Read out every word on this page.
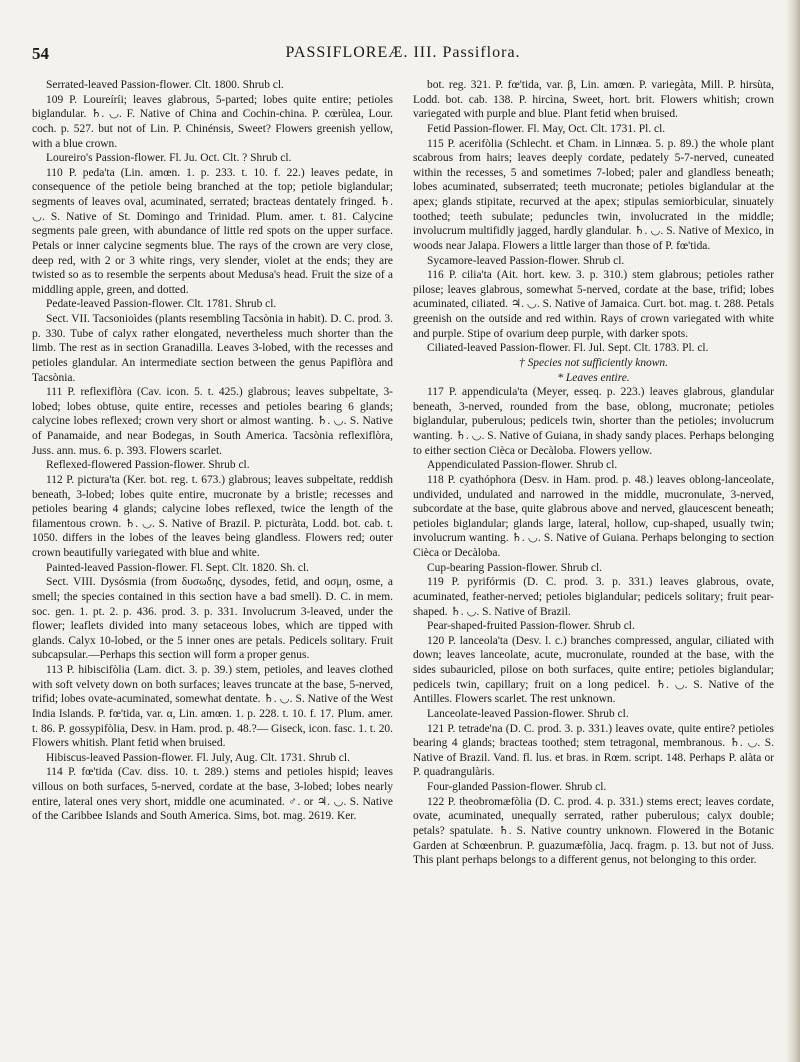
54	PASSIFLOREÆ. III. Passiflora.

Serrated-leaved Passion-flower. Clt. 1800. Shrub cl.

109 P. Loureíríi; leaves glabrous, 5-parted; lobes quite entire; petioles biglandular. ♄. ◡. F. Native of China and Cochin-china. P. cœrùlea, Lour. coch. p. 527. but not of Lin. P. Chinénsis, Sweet? Flowers greenish yellow, with a blue crown.

Loureiro's Passion-flower. Fl. Ju. Oct. Clt. ? Shrub cl.

110 P. peda'ta (Lin. amœn. 1. p. 233. t. 10. f. 22.) leaves pedate, in consequence of the petiole being branched at the top; petiole biglandular; segments of leaves oval, acuminated, serrated; bracteas dentately fringed. ♄. ◡. S. Native of St. Domingo and Trinidad. Plum. amer. t. 81. Calycine segments pale green, with abundance of little red spots on the upper surface. Petals or inner calycine segments blue. The rays of the crown are very close, deep red, with 2 or 3 white rings, very slender, violet at the ends; they are twisted so as to resemble the serpents about Medusa's head. Fruit the size of a middling apple, green, and dotted.

Pedate-leaved Passion-flower. Clt. 1781. Shrub cl.

Sect. VII. Tacsonioìdes (plants resembling Tacsònia in habit). D. C. prod. 3. p. 330. Tube of calyx rather elongated, nevertheless much shorter than the limb. The rest as in section Granadilla. Leaves 3-lobed, with the recesses and petioles glandular. An intermediate section between the genus Papiflòra and Tacsònia.

111 P. reflexiflòra (Cav. icon. 5. t. 425.) glabrous; leaves subpeltate, 3-lobed; lobes obtuse, quite entire, recesses and petioles bearing 6 glands; calycine lobes reflexed; crown very short or almost wanting. ♄. ◡. S. Native of Panamaide, and near Bodegas, in South America. Tacsònia reflexiflòra, Juss. ann. mus. 6. p. 393. Flowers scarlet.

Reflexed-flowered Passion-flower. Shrub cl.

112 P. pictura'ta (Ker. bot. reg. t. 673.) glabrous; leaves subpeltate, reddish beneath, 3-lobed; lobes quite entire, mucronate by a bristle; recesses and petioles bearing 4 glands; calycine lobes reflexed, twice the length of the filamentous crown. ♄. ◡. S. Native of Brazil. P. picturàta, Lodd. bot. cab. t. 1050. differs in the lobes of the leaves being glandless. Flowers red; outer crown beautifully variegated with blue and white.

Painted-leaved Passion-flower. Fl. Sept. Clt. 1820. Sh. cl.

Sect. VIII. Dysósmia (from δυσωδης, dysodes, fetid, and οσμη, osme, a smell; the species contained in this section have a bad smell). D. C. in mem. soc. gen. 1. pt. 2. p. 436. prod. 3. p. 331. Involucrum 3-leaved, under the flower; leaflets divided into many setaceous lobes, which are tipped with glands. Calyx 10-lobed, or the 5 inner ones are petals. Pedicels solitary. Fruit subcapsular.—Perhaps this section will form a proper genus.

113 P. hibiscifòlia (Lam. dict. 3. p. 39.) stem, petioles, and leaves clothed with soft velvety down on both surfaces; leaves truncate at the base, 5-nerved, trifid; lobes ovate-acuminated, somewhat dentate. ♄. ◡. S. Native of the West India Islands. P. fœ'tida, var. α, Lin. amœn. 1. p. 228. t. 10. f. 17. Plum. amer. t. 86. P. gossypifòlia, Desv. in Ham. prod. p. 48.?— Giseck, icon. fasc. 1. t. 20. Flowers whitish. Plant fetid when bruised.

Hibiscus-leaved Passion-flower. Fl. July, Aug. Clt. 1731. Shrub cl.

114 P. fœ'tida (Cav. diss. 10. t. 289.) stems and petioles hispid; leaves villous on both surfaces, 5-nerved, cordate at the base, 3-lobed; lobes nearly entire, lateral ones very short, middle one acuminated. ♂. or ♃. ◡. S. Native of the Caribbee Islands and South America. Sims, bot. mag. 2619. Ker.

bot. reg. 321. P. fœ'tida, var. β, Lin. amœn. P. variegàta, Mill. P. hirsùta, Lodd. bot. cab. 138. P. hircìna, Sweet, hort. brit. Flowers whitish; crown variegated with purple and blue. Plant fetid when bruised.

Fetid Passion-flower. Fl. May, Oct. Clt. 1731. Pl. cl.

115 P. acerifòlia (Schlecht. et Cham. in Linnæa. 5. p. 89.) the whole plant scabrous from hairs; leaves deeply cordate, pedately 5-7-nerved, cuneated within the recesses, 5 and sometimes 7-lobed; paler and glandless beneath; lobes acuminated, subserrated; teeth mucronate; petioles biglandular at the apex; glands stipitate, recurved at the apex; stipulas semiorbicular, sinuately toothed; teeth subulate; peduncles twin, involucrated in the middle; involucrum multifidly jagged, hardly glandular. ♄. ◡. S. Native of Mexico, in woods near Jalapa. Flowers a little larger than those of P. fœ'tida.

Sycamore-leaved Passion-flower. Shrub cl.

116 P. cilia'ta (Ait. hort. kew. 3. p. 310.) stem glabrous; petioles rather pilose; leaves glabrous, somewhat 5-nerved, cordate at the base, trifid; lobes acuminated, ciliated. ♃. ◡. S. Native of Jamaica. Curt. bot. mag. t. 288. Petals greenish on the outside and red within. Rays of crown variegated with white and purple. Stipe of ovarium deep purple, with darker spots.

Ciliated-leaved Passion-flower. Fl. Jul. Sept. Clt. 1783. Pl. cl.

† Species not sufficiently known.

* Leaves entire.

117 P. appendicula'ta (Meyer, esseq. p. 223.) leaves glabrous, glandular beneath, 3-nerved, rounded from the base, oblong, mucronate; petioles biglandular, puberulous; pedicels twin, shorter than the petioles; involucrum wanting. ♄. ◡. S. Native of Guiana, in shady sandy places. Perhaps belonging to either section Cièca or Decàloba. Flowers yellow.

Appendiculated Passion-flower. Shrub cl.

118 P. cyathóphora (Desv. in Ham. prod. p. 48.) leaves oblong-lanceolate, undivided, undulated and narrowed in the middle, mucronulate, 3-nerved, subcordate at the base, quite glabrous above and nerved, glaucescent beneath; petioles biglandular; glands large, lateral, hollow, cup-shaped, usually twin; involucrum wanting. ♄. ◡. S. Native of Guiana. Perhaps belonging to section Cièca or Decàloba.

Cup-bearing Passion-flower. Shrub cl.

119 P. pyrifórmis (D. C. prod. 3. p. 331.) leaves glabrous, ovate, acuminated, feather-nerved; petioles biglandular; pedicels solitary; fruit pear-shaped. ♄. ◡. S. Native of Brazil.

Pear-shaped-fruited Passion-flower. Shrub cl.

120 P. lanceola'ta (Desv. l. c.) branches compressed, angular, ciliated with down; leaves lanceolate, acute, mucronulate, rounded at the base, with the sides subauricled, pilose on both surfaces, quite entire; petioles biglandular; pedicels twin, capillary; fruit on a long pedicel. ♄. ◡. S. Native of the Antilles. Flowers scarlet. The rest unknown.

Lanceolate-leaved Passion-flower. Shrub cl.

121 P. tetrade'na (D. C. prod. 3. p. 331.) leaves ovate, quite entire? petioles bearing 4 glands; bracteas toothed; stem tetragonal, membranous. ♄. ◡. S. Native of Brazil. Vand. fl. lus. et bras. in Rœm. script. 148. Perhaps P. alàta or P. quadrangulàris.

Four-glanded Passion-flower. Shrub cl.

122 P. theobromæfòlia (D. C. prod. 4. p. 331.) stems erect; leaves cordate, ovate, acuminated, unequally serrated, rather puberulous; calyx double; petals? spatulate. ♄. S. Native country unknown. Flowered in the Botanic Garden at Schœenbrun. P. guazumæfòlia, Jacq. fragm. p. 13. but not of Juss. This plant perhaps belongs to a different genus, not belonging to this order.
